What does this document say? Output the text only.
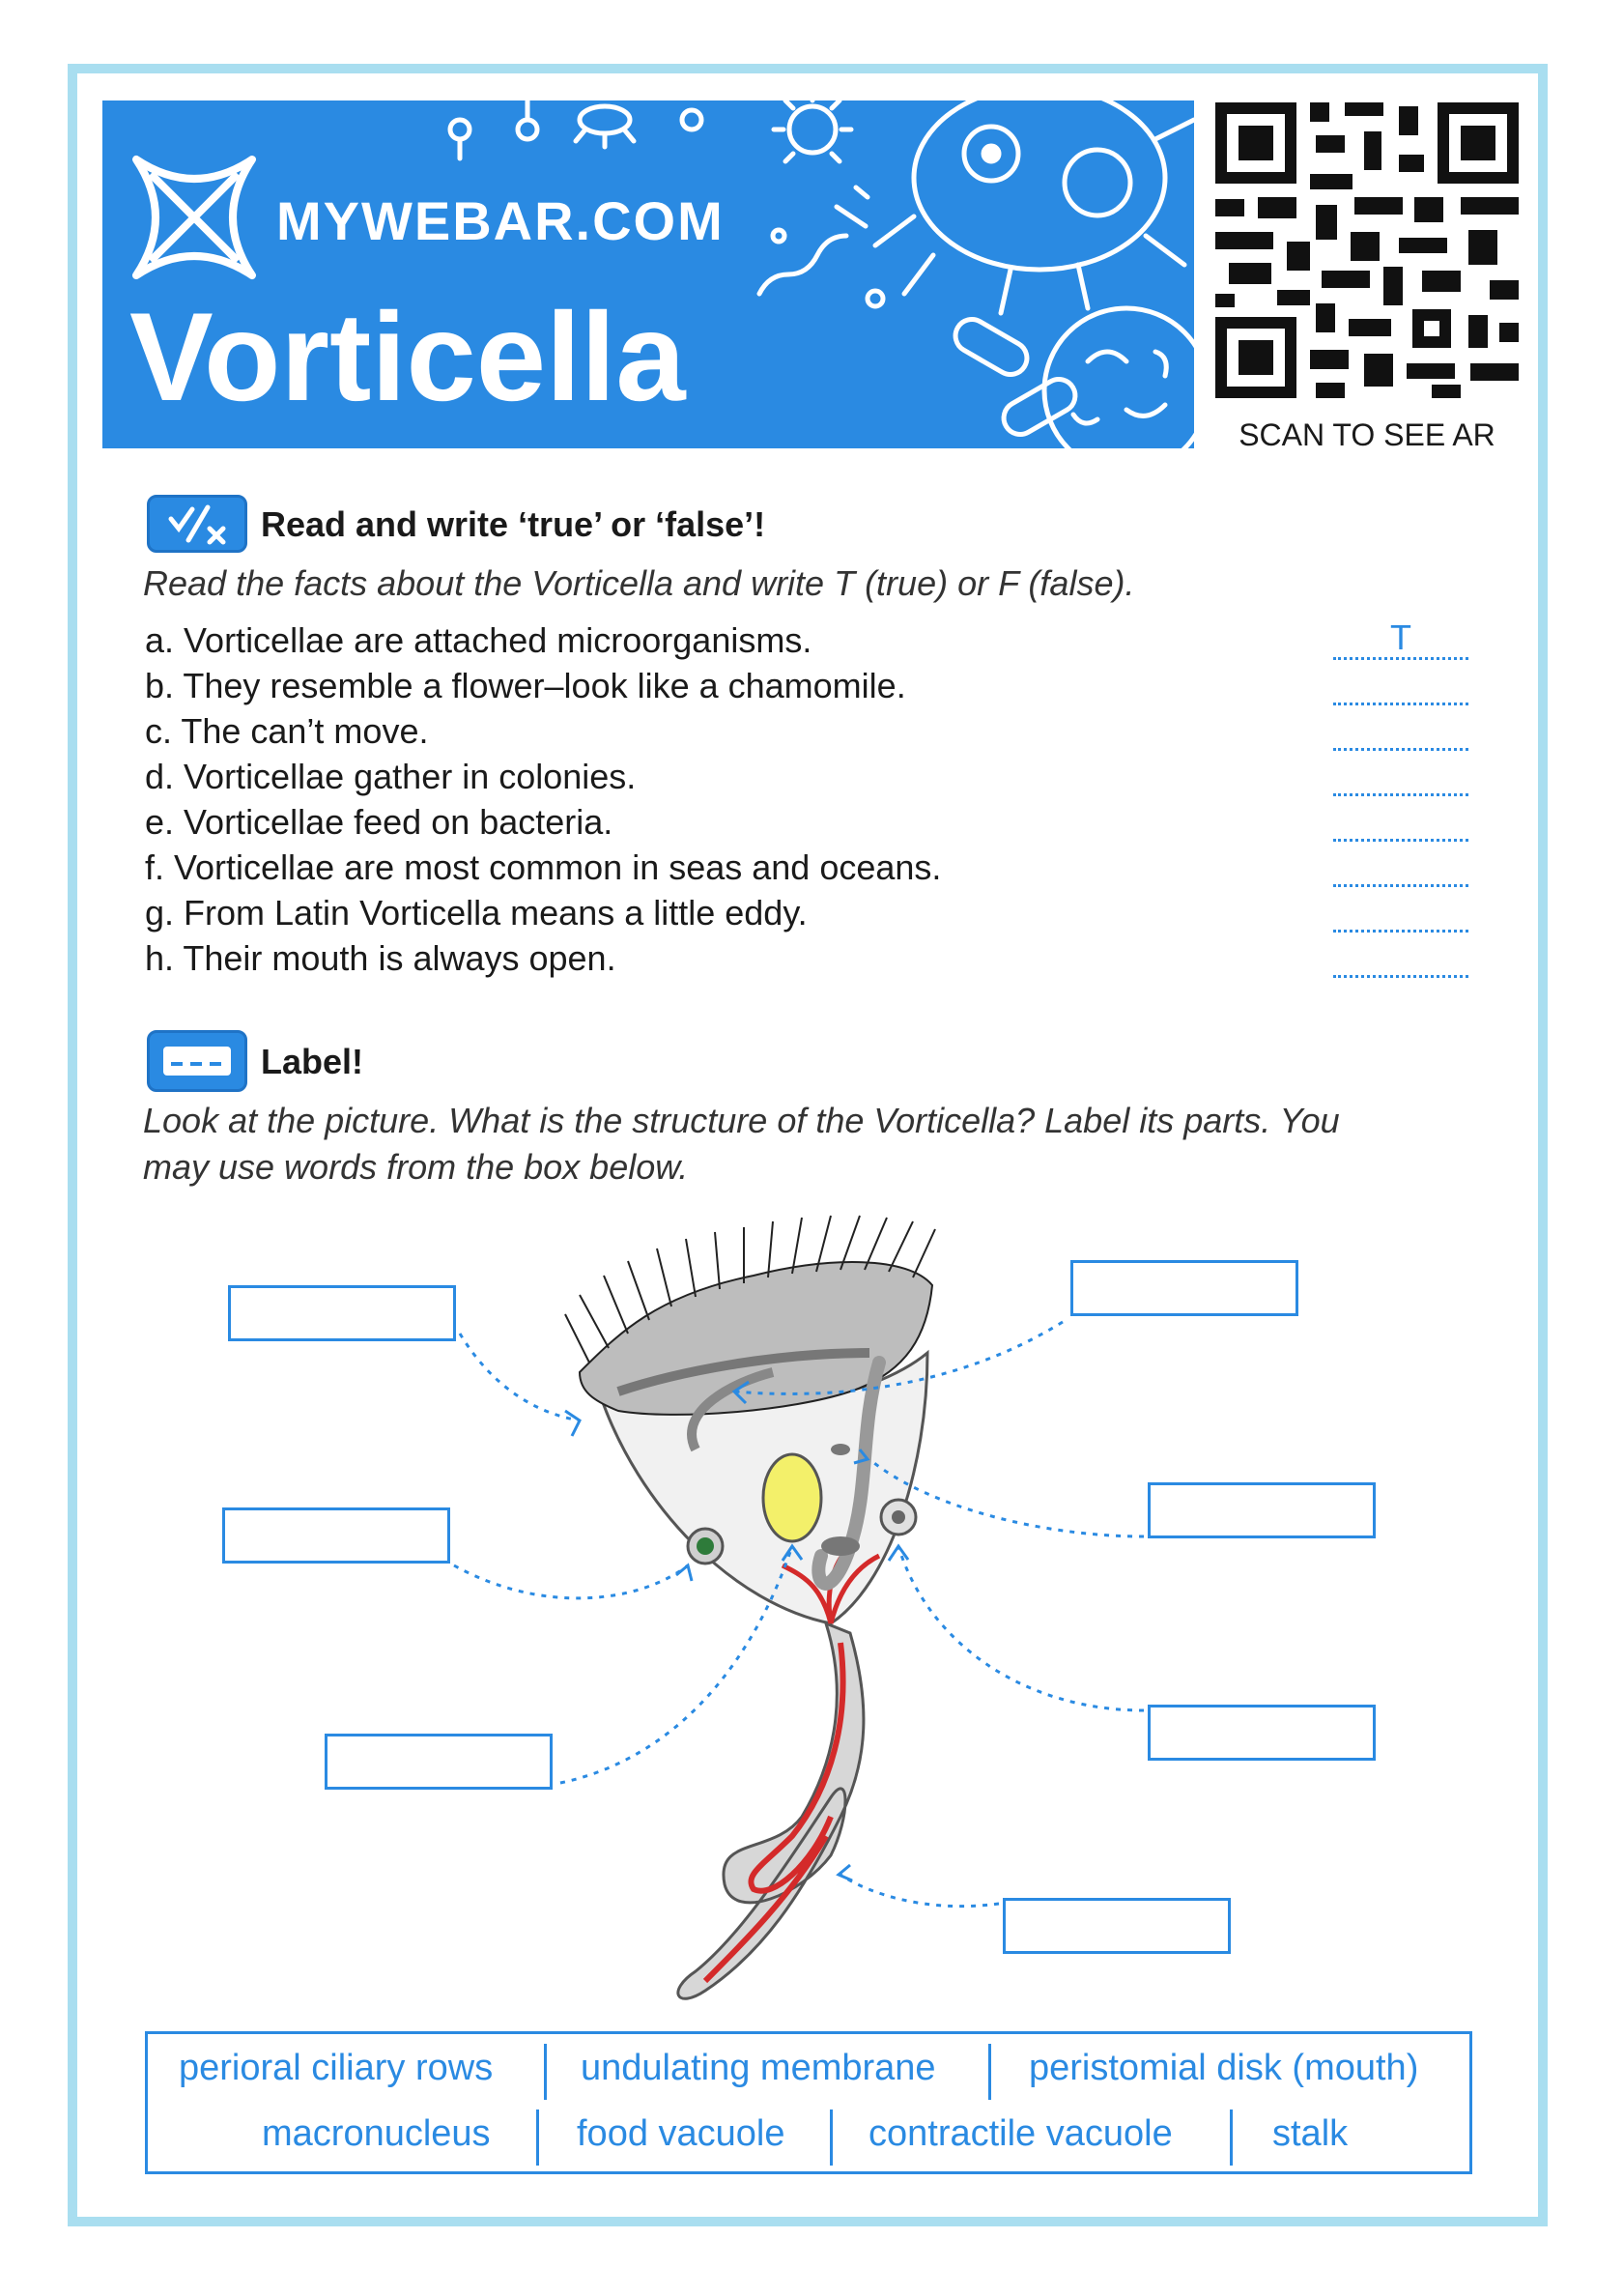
MYWEBAR.COM
Vorticella
SCAN TO SEE AR
Read and write ‘true’ or ‘false’!
Read the facts about the Vorticella and write T (true) or F (false).
a. Vorticellae are attached microorganisms.
b. They resemble a flower–look like a chamomile.
c. The can’t move.
d. Vorticellae gather in colonies.
e. Vorticellae feed on bacteria.
f. Vorticellae are most common in seas and oceans.
g. From Latin Vorticella means a little eddy.
h. Their mouth is always open.
T
Label!
Look at the picture. What is the structure of the Vorticella? Label its parts. You
may use words from the box below.
perioral ciliary rows undulating membrane	peristomial disk (mouth)
macronucleus food vacuole contractile vacuole	stalk
